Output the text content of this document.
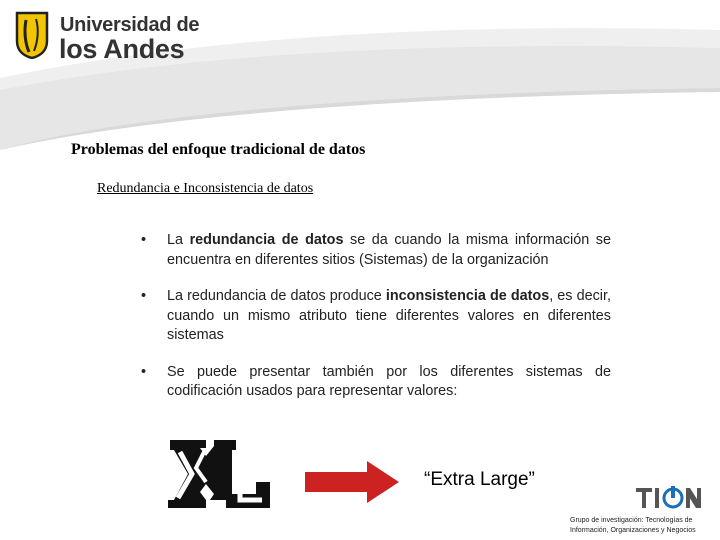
Universidad de
los Andes
Problemas del enfoque tradicional de datos
Redundancia e Inconsistencia de datos
• La redundancia de datos se da cuando la misma información se encuentra en diferentes sitios (Sistemas) de la organización
• La redundancia de datos produce inconsistencia de datos, es decir, cuando un mismo atributo tiene diferentes valores en diferentes sistemas
• Se puede presentar también por los diferentes sistemas de codificación usados para representar valores:
“Extra Large”
Grupo de investigación: Tecnologías de
Información, Organizaciones y Negocios
